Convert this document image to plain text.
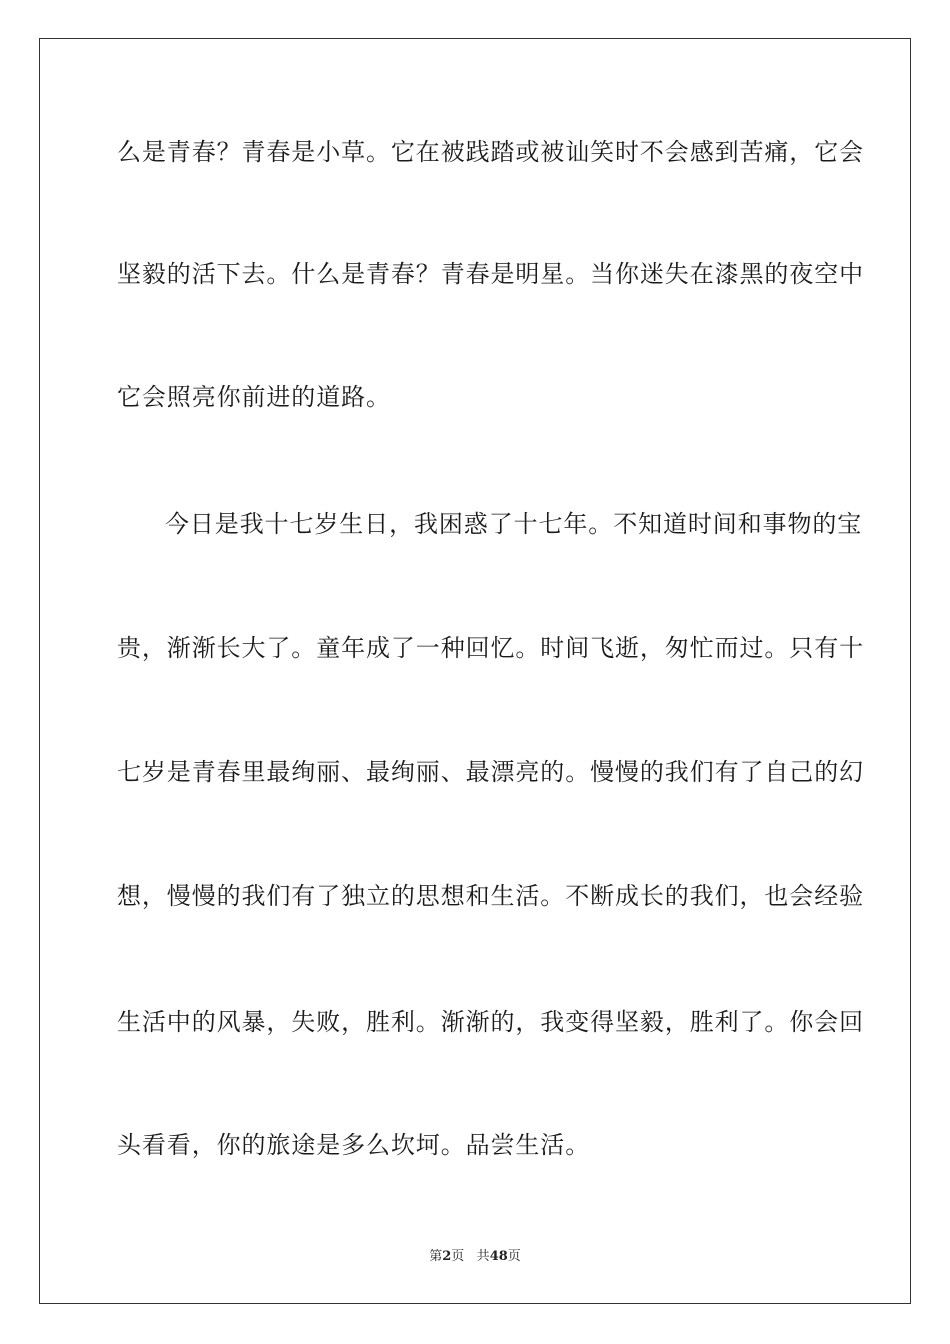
么是青春？青春是小草。它在被践踏或被讪笑时不会感到苦痛，它会
坚毅的活下去。什么是青春？青春是明星。当你迷失在漆黑的夜空中
它会照亮你前进的道路。
今日是我十七岁生日，我困惑了十七年。不知道时间和事物的宝
贵，渐渐长大了。童年成了一种回忆。时间飞逝，匆忙而过。只有十
七岁是青春里最绚丽、最绚丽、最漂亮的。慢慢的我们有了自己的幻
想，慢慢的我们有了独立的思想和生活。不断成长的我们，也会经验
生活中的风暴，失败，胜利。渐渐的，我变得坚毅，胜利了。你会回
头看看，你的旅途是多么坎坷。品尝生活。
第2页 共48页
